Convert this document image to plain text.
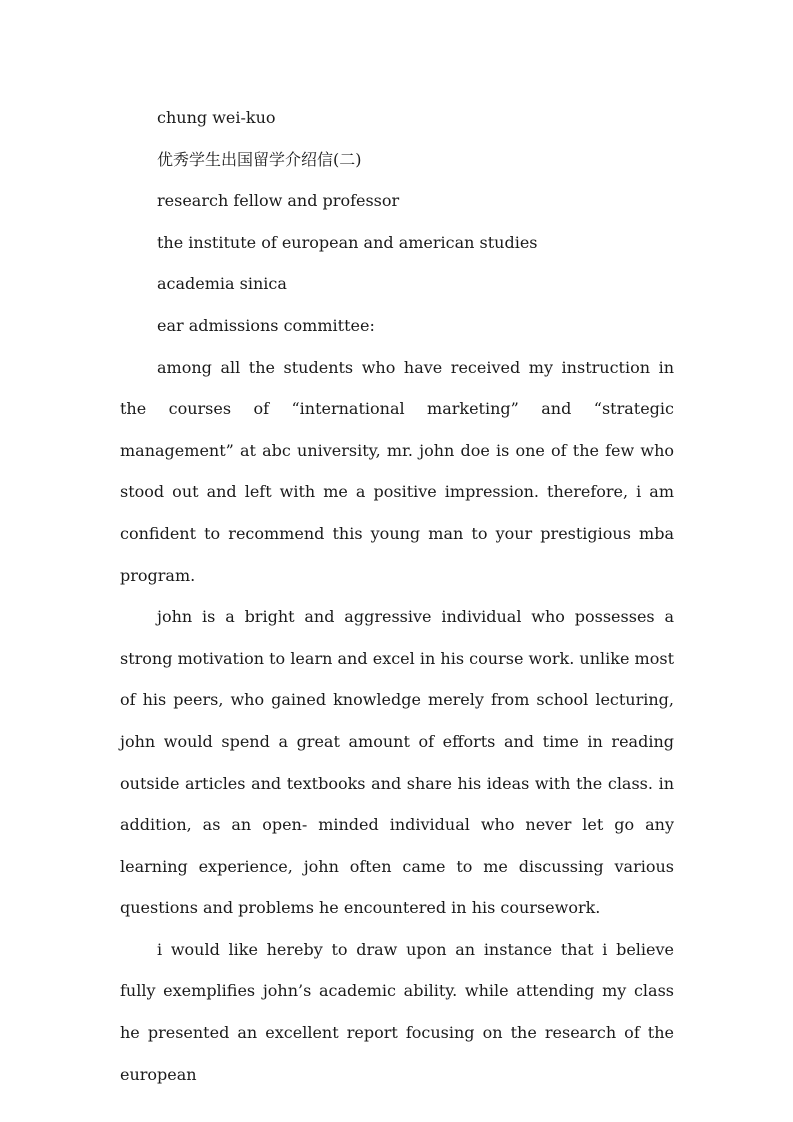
chung wei-kuo

优秀学生出国留学介绍信(二)

research fellow and professor

the institute of european and american studies

academia sinica

ear admissions committee:

among all the students who have received my instruction in the courses of “international marketing” and “strategic management” at abc university, mr. john doe is one of the few who stood out and left with me a positive impression. therefore, i am confident to recommend this young man to your prestigious mba program.

john is a bright and aggressive individual who possesses a strong motivation to learn and excel in his course work. unlike most of his peers, who gained knowledge merely from school lecturing, john would spend a great amount of efforts and time in reading outside articles and textbooks and share his ideas with the class. in addition, as an open- minded individual who never let go any learning experience, john often came to me discussing various questions and problems he encountered in his coursework.

i would like hereby to draw upon an instance that i believe fully exemplifies john’s academic ability. while attending my class he presented an excellent report focusing on the research of the european
